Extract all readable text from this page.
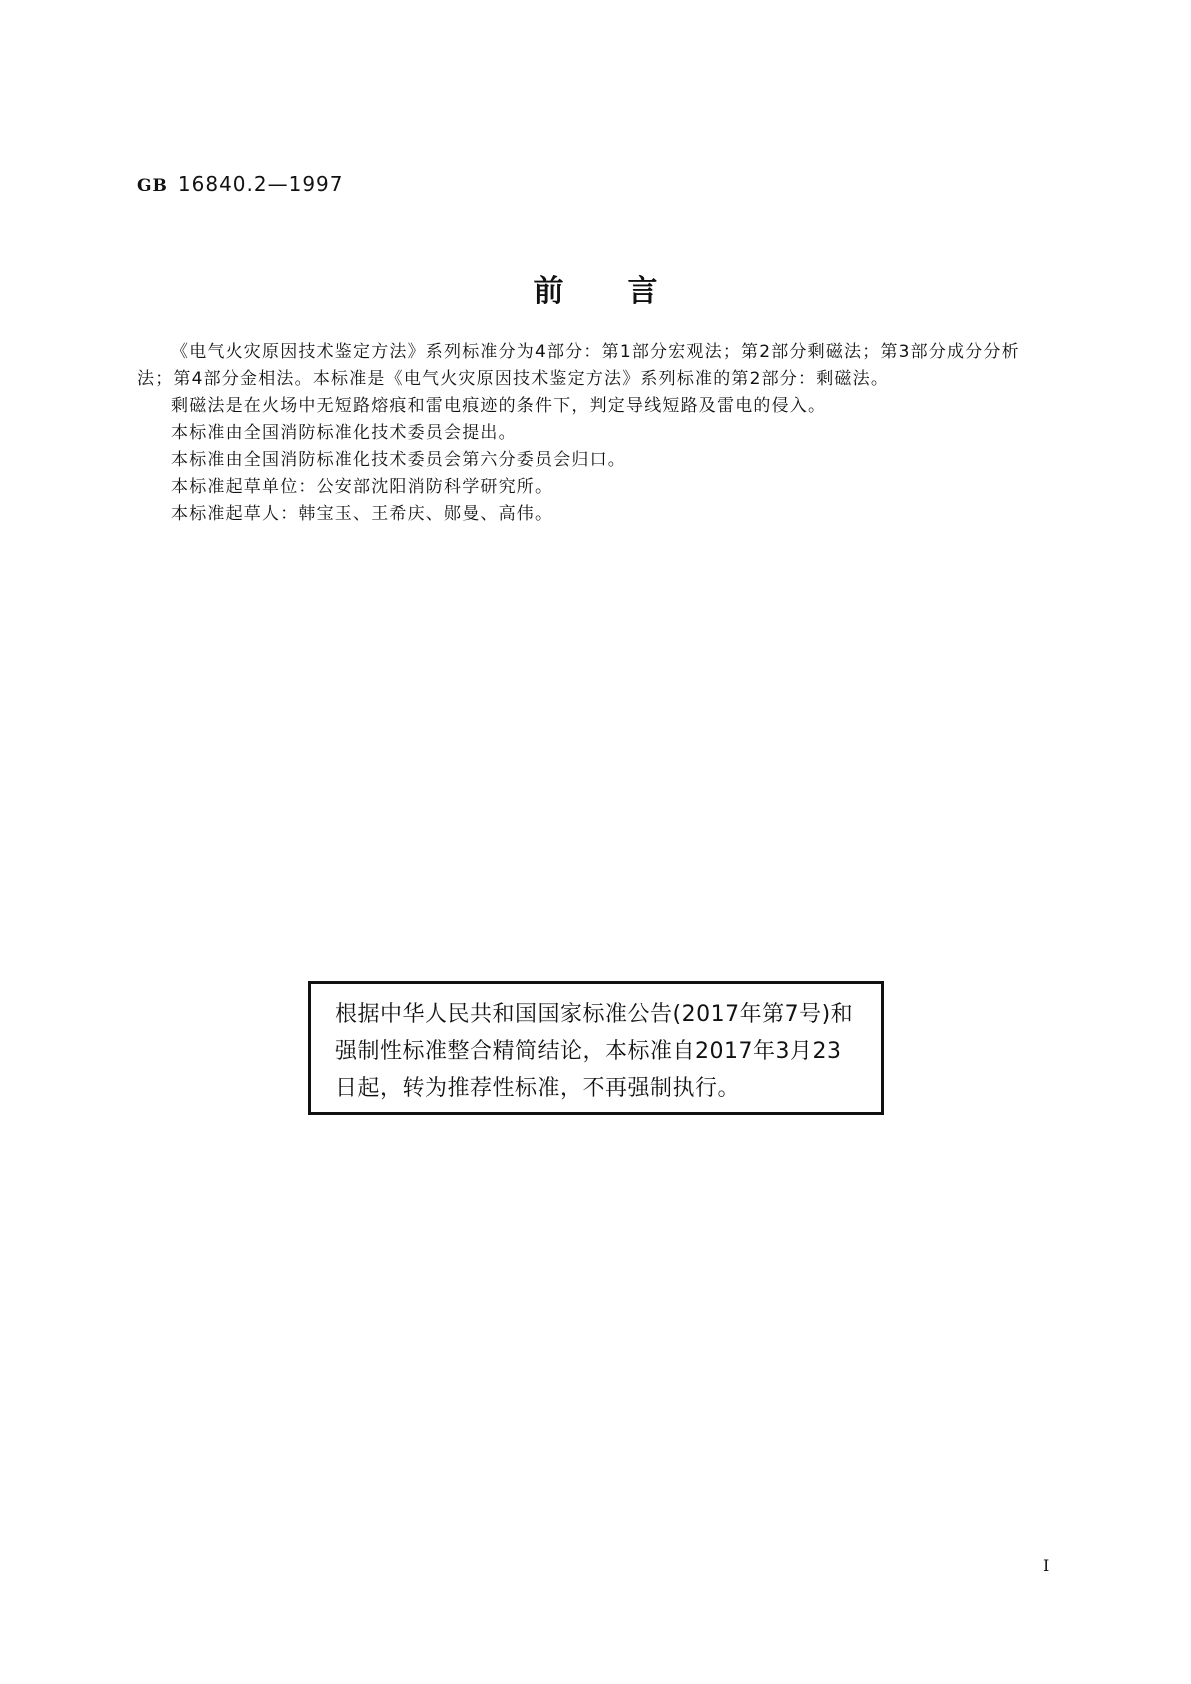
GB 16840.2—1997
前言

《电气火灾原因技术鉴定方法》系列标准分为4部分：第1部分宏观法；第2部分剩磁法；第3部分成分分析法；第4部分金相法。本标准是《电气火灾原因技术鉴定方法》系列标准的第2部分：剩磁法。

剩磁法是在火场中无短路熔痕和雷电痕迹的条件下，判定导线短路及雷电的侵入。

本标准由全国消防标准化技术委员会提出。

本标准由全国消防标准化技术委员会第六分委员会归口。

本标准起草单位：公安部沈阳消防科学研究所。

本标准起草人：韩宝玉、王希庆、郧曼、高伟。

根据中华人民共和国国家标准公告(2017年第7号)和强制性标准整合精简结论，本标准自2017年3月23日起，转为推荐性标准，不再强制执行。
I
